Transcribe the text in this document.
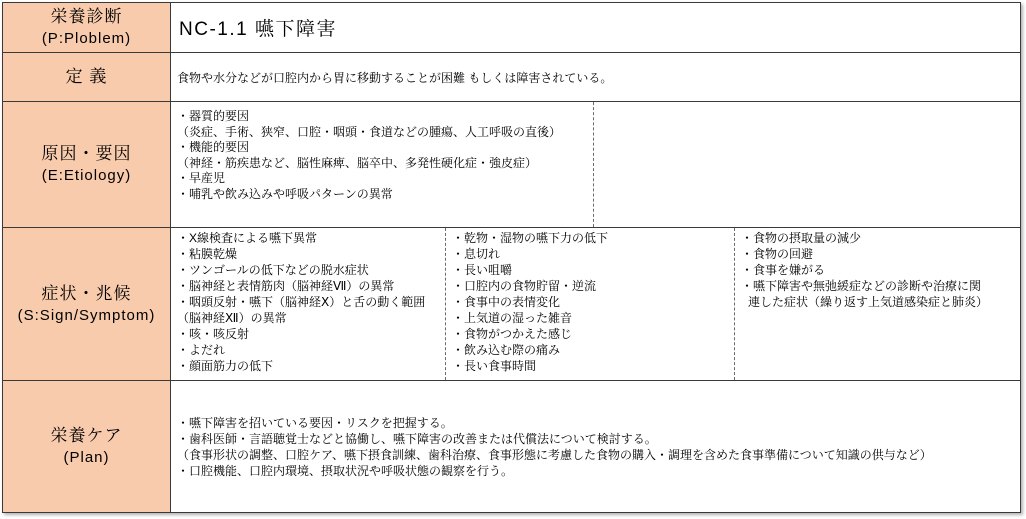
栄養診断
(P:Ploblem)	NC-1.1 嚥下障害
定 義	食物や水分などが口腔内から胃に移動することが困難 もしくは障害されている。
原因・要因
(E:Etiology)
・器質的要因
（炎症、手術、狭窄、口腔・咽頭・食道などの腫瘍、人工呼吸の直後）
・機能的要因
（神経・筋疾患など、脳性麻痺、脳卒中、多発性硬化症・強皮症）
・早産児
・哺乳や飲み込みや呼吸パターンの異常
症状・兆候
(S:Sign/Symptom)
・X線検査による嚥下異常
・粘膜乾燥
・ツンゴールの低下などの脱水症状
・脳神経と表情筋肉（脳神経Ⅶ）の異常
・咽頭反射・嚥下（脳神経Ⅹ）と舌の動く範囲
（脳神経Ⅻ）の異常
・咳・咳反射
・よだれ
・顔面筋力の低下
・乾物・湿物の嚥下力の低下
・息切れ
・長い咀嚼
・口腔内の食物貯留・逆流
・食事中の表情変化
・上気道の湿った雑音
・食物がつかえた感じ
・飲み込む際の痛み
・長い食事時間
・食物の摂取量の減少
・食物の回避
・食事を嫌がる
・嚥下障害や無弛緩症などの診断や治療に関
連した症状（繰り返す上気道感染症と肺炎）
栄養ケア
(Plan)
・嚥下障害を招いている要因・リスクを把握する。
・歯科医師・言語聴覚士などと協働し、嚥下障害の改善または代償法について検討する。
（食事形状の調整、口腔ケア、嚥下摂食訓練、歯科治療、食事形態に考慮した食物の購入・調理を含めた食事準備について知識の供与など）
・口腔機能、口腔内環境、摂取状況や呼吸状態の観察を行う。
